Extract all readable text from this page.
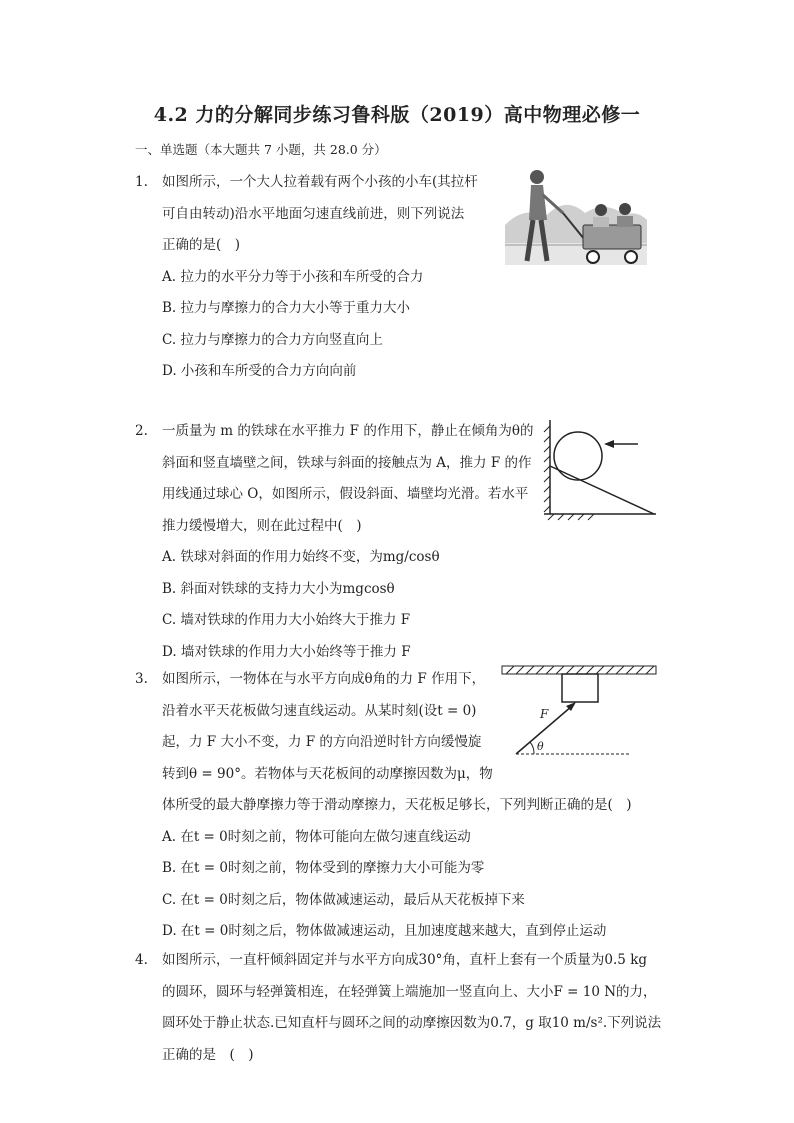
4.2 力的分解同步练习鲁科版（2019）高中物理必修一
一、单选题（本大题共 7 小题，共 28.0 分）
1. 如图所示，一个大人拉着载有两个小孩的小车(其拉杆
可自由转动)沿水平地面匀速直线前进，则下列说法
正确的是(　)
A. 拉力的水平分力等于小孩和车所受的合力
B. 拉力与摩擦力的合力大小等于重力大小
C. 拉力与摩擦力的合力方向竖直向上
D. 小孩和车所受的合力方向向前
2. 一质量为 m 的铁球在水平推力 F 的作用下，静止在倾角为θ的
斜面和竖直墙壁之间，铁球与斜面的接触点为 A，推力 F 的作
用线通过球心 O，如图所示，假设斜面、墙壁均光滑。若水平
推力缓慢增大，则在此过程中(　)
A. 铁球对斜面的作用力始终不变，为mg/cosθ
B. 斜面对铁球的支持力大小为mgcosθ
C. 墙对铁球的作用力大小始终大于推力 F
D. 墙对铁球的作用力大小始终等于推力 F
3. 如图所示，一物体在与水平方向成θ角的力 F 作用下，
沿着水平天花板做匀速直线运动。从某时刻(设t = 0)
起，力 F 大小不变，力 F 的方向沿逆时针方向缓慢旋
转到θ = 90°。若物体与天花板间的动摩擦因数为μ，物
体所受的最大静摩擦力等于滑动摩擦力，天花板足够长，下列判断正确的是(　)
A. 在t = 0时刻之前，物体可能向左做匀速直线运动
B. 在t = 0时刻之前，物体受到的摩擦力大小可能为零
C. 在t = 0时刻之后，物体做减速运动，最后从天花板掉下来
D. 在t = 0时刻之后，物体做减速运动，且加速度越来越大，直到停止运动
F
θ
4. 如图所示，一直杆倾斜固定并与水平方向成30°角，直杆上套有一个质量为0.5 kg
的圆环，圆环与轻弹簧相连，在轻弹簧上端施加一竖直向上、大小F = 10 N的力，
圆环处于静止状态.已知直杆与圆环之间的动摩擦因数为0.7，g 取10 m/s².下列说法
正确的是　(　)
